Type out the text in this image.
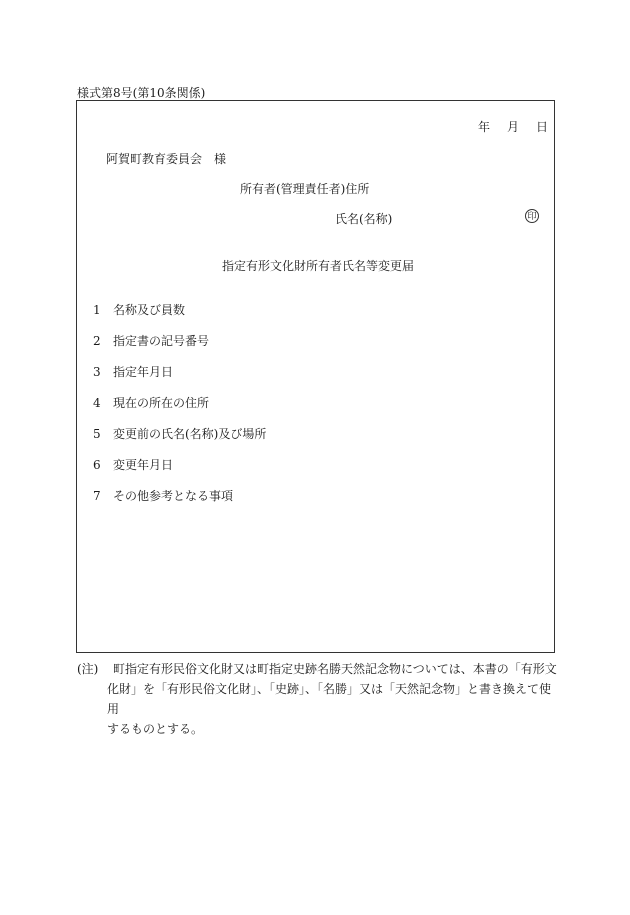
様式第8号(第10条関係)
年 月 日
阿賀町教育委員会　様
所有者(管理責任者)住所
氏名(名称)	印
指定有形文化財所有者氏名等変更届
1 名称及び員数
2 指定書の記号番号
3 指定年月日
4 現在の所在の住所
5 変更前の氏名(名称)及び場所
6 変更年月日
7 その他参考となる事項
(注)	町指定有形民俗文化財又は町指定史跡名勝天然記念物については、本書の「有形文
化財」を「有形民俗文化財」、「史跡」、「名勝」又は「天然記念物」と書き換えて使用
するものとする。
